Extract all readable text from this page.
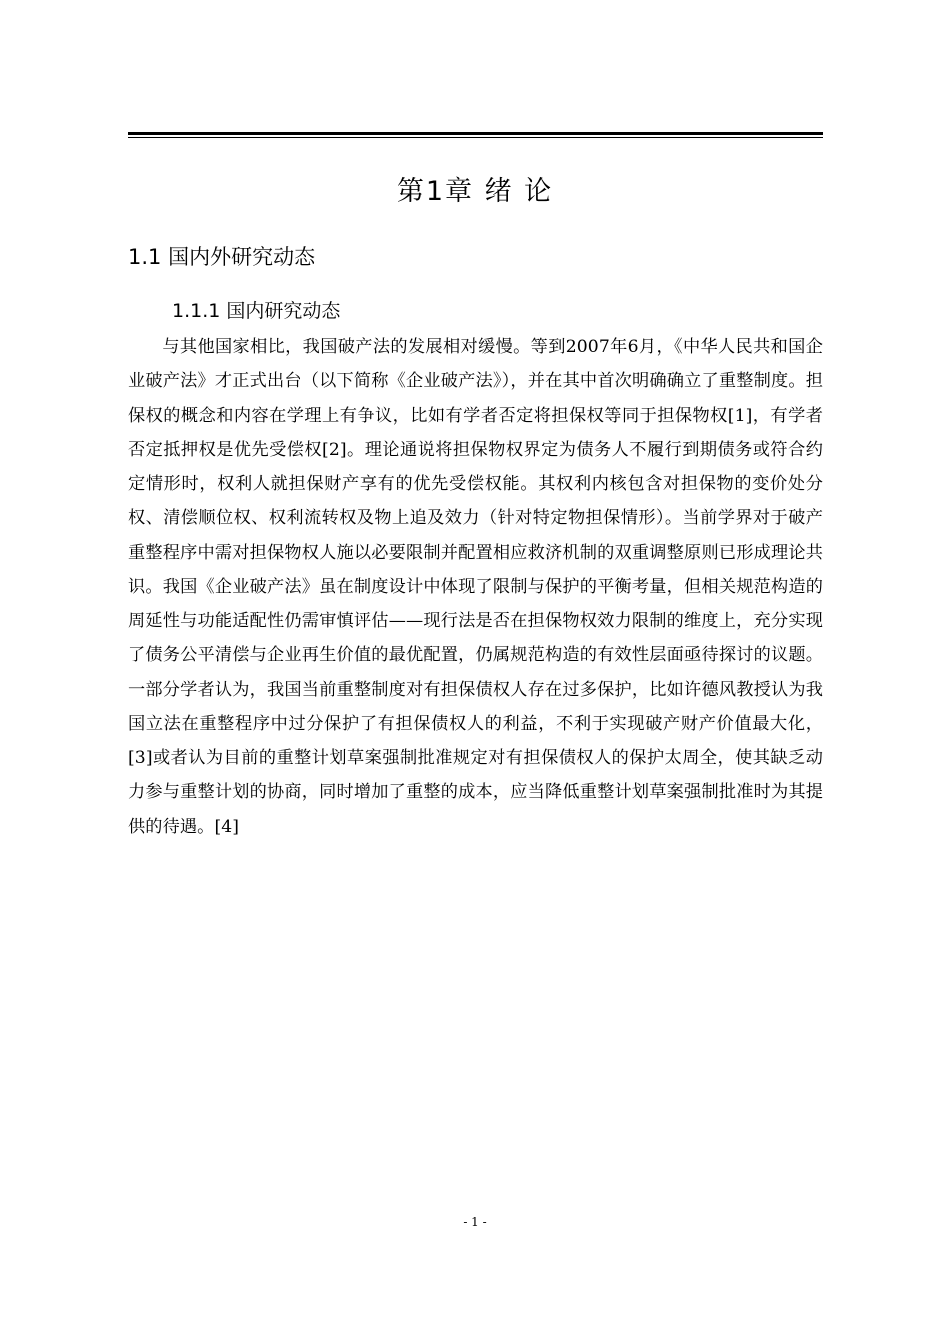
第1章 绪 论
1.1 国内外研究动态
1.1.1 国内研究动态

与其他国家相比，我国破产法的发展相对缓慢。等到2007年6月，《中华人民共和国企业破产法》才正式出台（以下简称《企业破产法》），并在其中首次明确确立了重整制度。担保权的概念和内容在学理上有争议，比如有学者否定将担保权等同于担保物权[1]，有学者否定抵押权是优先受偿权[2]。理论通说将担保物权界定为债务人不履行到期债务或符合约定情形时，权利人就担保财产享有的优先受偿权能。其权利内核包含对担保物的变价处分权、清偿顺位权、权利流转权及物上追及效力（针对特定物担保情形）。当前学界对于破产重整程序中需对担保物权人施以必要限制并配置相应救济机制的双重调整原则已形成理论共识。我国《企业破产法》虽在制度设计中体现了限制与保护的平衡考量，但相关规范构造的周延性与功能适配性仍需审慎评估——现行法是否在担保物权效力限制的维度上，充分实现了债务公平清偿与企业再生价值的最优配置，仍属规范构造的有效性层面亟待探讨的议题。一部分学者认为，我国当前重整制度对有担保债权人存在过多保护，比如许德风教授认为我国立法在重整程序中过分保护了有担保债权人的利益，不利于实现破产财产价值最大化，[3]或者认为目前的重整计划草案强制批准规定对有担保债权人的保护太周全，使其缺乏动力参与重整计划的协商，同时增加了重整的成本，应当降低重整计划草案强制批准时为其提供的待遇。[4]

- 1 -
